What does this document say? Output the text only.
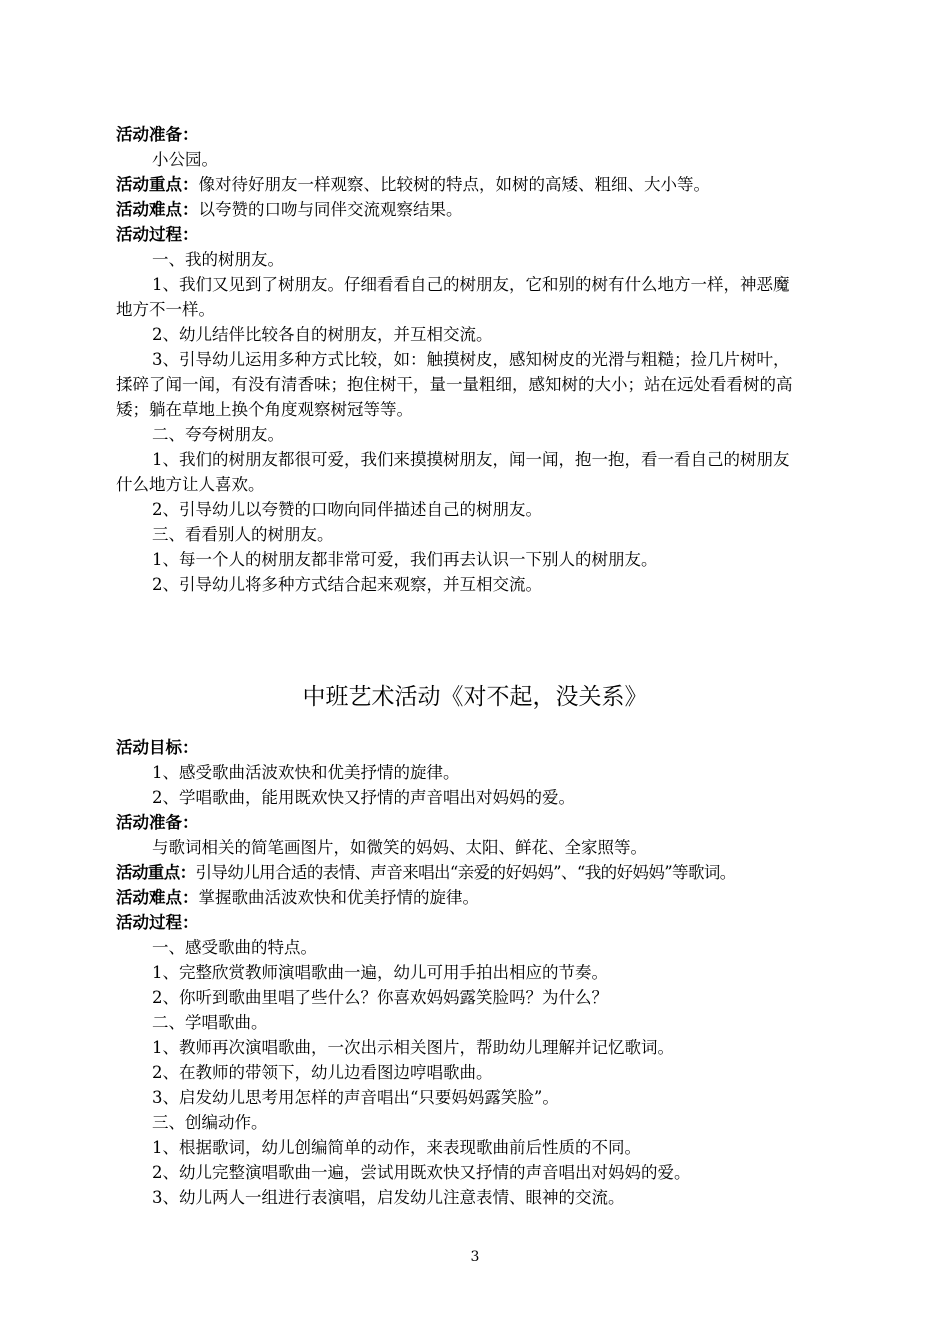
活动准备：
小公园。
活动重点：像对待好朋友一样观察、比较树的特点，如树的高矮、粗细、大小等。
活动难点：以夸赞的口吻与同伴交流观察结果。
活动过程：
一、我的树朋友。
1、我们又见到了树朋友。仔细看看自己的树朋友，它和别的树有什么地方一样，神恶魔
地方不一样。
2、幼儿结伴比较各自的树朋友，并互相交流。
3、引导幼儿运用多种方式比较，如：触摸树皮，感知树皮的光滑与粗糙；捡几片树叶，
揉碎了闻一闻，有没有清香味；抱住树干，量一量粗细，感知树的大小；站在远处看看树的高
矮；躺在草地上换个角度观察树冠等等。
二、夸夸树朋友。
1、我们的树朋友都很可爱，我们来摸摸树朋友，闻一闻，抱一抱，看一看自己的树朋友
什么地方让人喜欢。
2、引导幼儿以夸赞的口吻向同伴描述自己的树朋友。
三、看看别人的树朋友。
1、每一个人的树朋友都非常可爱，我们再去认识一下别人的树朋友。
2、引导幼儿将多种方式结合起来观察，并互相交流。
中班艺术活动《对不起，没关系》
活动目标：
1、感受歌曲活波欢快和优美抒情的旋律。
2、学唱歌曲，能用既欢快又抒情的声音唱出对妈妈的爱。
活动准备：
与歌词相关的简笔画图片，如微笑的妈妈、太阳、鲜花、全家照等。
活动重点：引导幼儿用合适的表情、声音来唱出“亲爱的好妈妈”、“我的好妈妈”等歌词。
活动难点：掌握歌曲活波欢快和优美抒情的旋律。
活动过程：
一、感受歌曲的特点。
1、完整欣赏教师演唱歌曲一遍，幼儿可用手拍出相应的节奏。
2、你听到歌曲里唱了些什么？你喜欢妈妈露笑脸吗？为什么？
二、学唱歌曲。
1、教师再次演唱歌曲，一次出示相关图片，帮助幼儿理解并记忆歌词。
2、在教师的带领下，幼儿边看图边哼唱歌曲。
3、启发幼儿思考用怎样的声音唱出“只要妈妈露笑脸”。
三、创编动作。
1、根据歌词，幼儿创编简单的动作，来表现歌曲前后性质的不同。
2、幼儿完整演唱歌曲一遍，尝试用既欢快又抒情的声音唱出对妈妈的爱。
3、幼儿两人一组进行表演唱，启发幼儿注意表情、眼神的交流。
3
